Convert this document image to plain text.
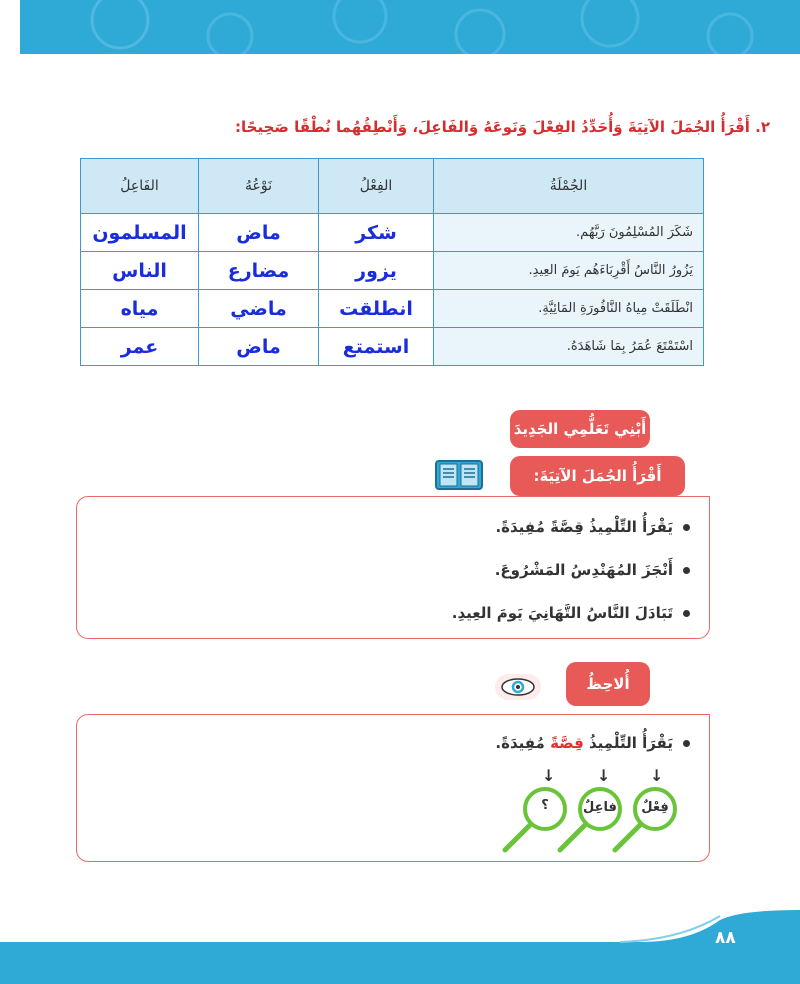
٢. أَقْرَأُ الجُمَلَ الآتِيَةَ وَأُحَدِّدُ الفِعْلَ وَنَوعَهُ وَالفَاعِلَ، وَأَنْطِقُهُما نُطْقًا صَحِيحًا:
الجُمْلَةُ	الفِعْلُ	نَوْعُهُ	الفَاعِلُ
شَكَرَ المُسْلِمُونَ رَبَّهُم.	شكر	ماض	المسلمون
يَزُورُ النَّاسُ أَقْرِبَاءَهُم يَومَ العِيدِ.	يزور	مضارع	الناس
انْطَلَقَتْ مِياهُ النَّافُورَةِ المَائِيَّةِ.	انطلقت	ماضي	مياه
اسْتَمْتَعَ عُمَرُ بِمَا شَاهَدَهُ.	استمتع	ماض	عمر
أَبْنِي تَعَلُّمِي الجَدِيدَ
أَقْرَأُ الجُمَلَ الآتِيَةَ:
يَقْرَأُ التِّلْمِيذُ قِصَّةً مُفِيدَةً.
أَنْجَزَ المُهَنْدِسُ المَشْرُوعَ.
تَبَادَلَ النَّاسُ التَّهَانِيَ يَومَ العِيدِ.
أُلاحِظُ
يَقْرَأُ التِّلْمِيذُ قِصَّةً مُفِيدَةً.
↓
↓
↓
فِعْلٌ
فاعِلٌ
؟
٨٨
